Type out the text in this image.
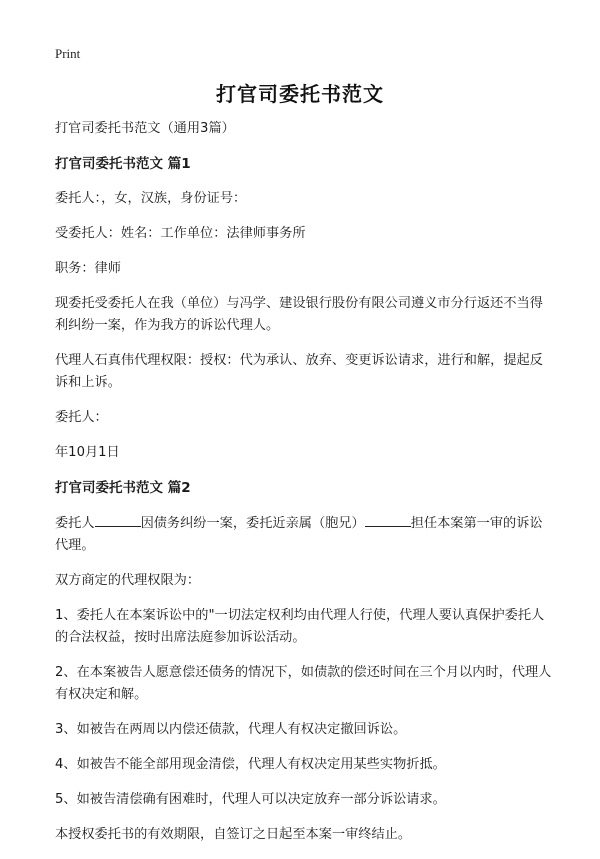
Print
打官司委托书范文

打官司委托书范文（通用3篇）

打官司委托书范文 篇1

委托人：，女，汉族，身份证号：

受委托人：姓名：工作单位：法律师事务所

职务：律师

现委托受委托人在我（单位）与冯学、建设银行股份有限公司遵义市分行返还不当得利纠纷一案，作为我方的诉讼代理人。

代理人石真伟代理权限：授权：代为承认、放弃、变更诉讼请求，进行和解，提起反诉和上诉。

委托人：

年10月1日

打官司委托书范文 篇2

委托人	因债务纠纷一案，委托近亲属（胞兄）	担任本案第一审的诉讼代理。

双方商定的代理权限为：

1、委托人在本案诉讼中的"一切法定权利均由代理人行使，代理人要认真保护委托人的合法权益，按时出席法庭参加诉讼活动。

2、在本案被告人愿意偿还债务的情况下，如债款的偿还时间在三个月以内时，代理人有权决定和解。

3、如被告在两周以内偿还债款，代理人有权决定撤回诉讼。

4、如被告不能全部用现金清偿，代理人有权决定用某些实物折抵。

5、如被告清偿确有困难时，代理人可以决定放弃一部分诉讼请求。

本授权委托书的有效期限，自签订之日起至本案一审终结止。
